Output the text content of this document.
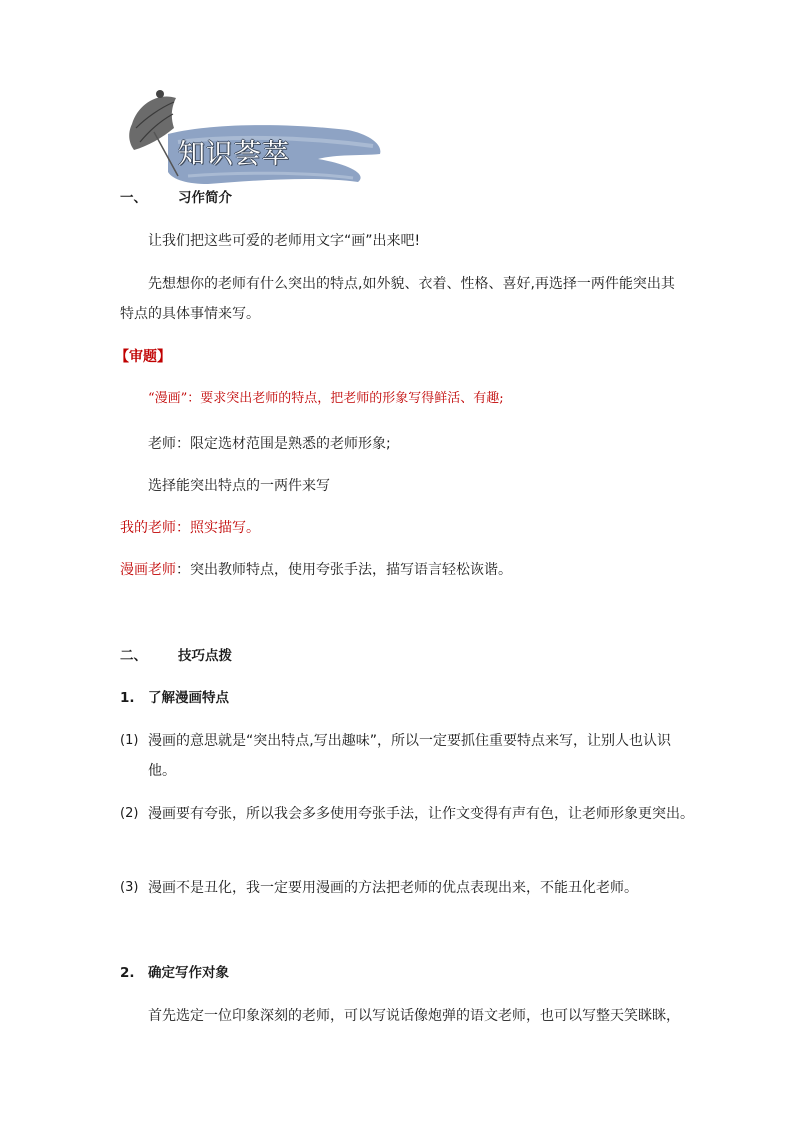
知识荟萃
一、 习作简介
让我们把这些可爱的老师用文字“画”出来吧!
先想想你的老师有什么突出的特点,如外貌、衣着、性格、喜好,再选择一两件能突出其
特点的具体事情来写。
【审题】
“漫画”：要求突出老师的特点，把老师的形象写得鲜活、有趣;
老师：限定选材范围是熟悉的老师形象;
选择能突出特点的一两件来写
我的老师：照实描写。
漫画老师：突出教师特点，使用夸张手法，描写语言轻松诙谐。
二、 技巧点拨
1. 了解漫画特点
(1) 漫画的意思就是“突出特点,写出趣味”，所以一定要抓住重要特点来写，让别人也认识
他。
(2) 漫画要有夸张，所以我会多多使用夸张手法，让作文变得有声有色，让老师形象更突出。
(3) 漫画不是丑化，我一定要用漫画的方法把老师的优点表现出来，不能丑化老师。
2. 确定写作对象
首先选定一位印象深刻的老师，可以写说话像炮弹的语文老师，也可以写整天笑眯眯，
